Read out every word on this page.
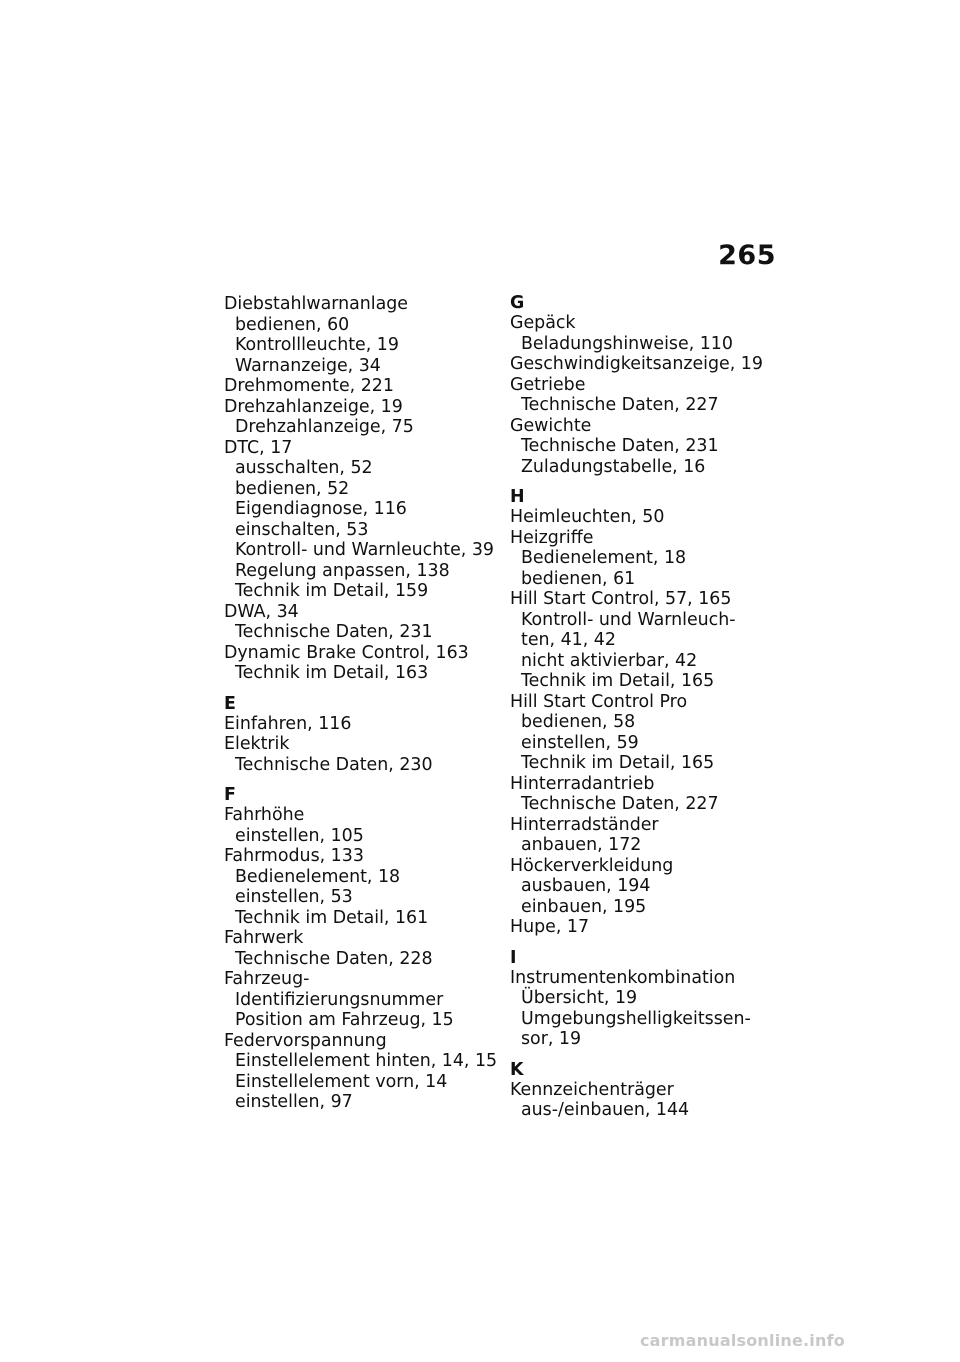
265
Diebstahlwarnanlage
bedienen, 60
Kontrollleuchte, 19
Warnanzeige, 34
Drehmomente, 221
Drehzahlanzeige, 19
Drehzahlanzeige, 75
DTC, 17
ausschalten, 52
bedienen, 52
Eigendiagnose, 116
einschalten, 53
Kontroll- und Warnleuchte, 39
Regelung anpassen, 138
Technik im Detail, 159
DWA, 34
Technische Daten, 231
Dynamic Brake Control, 163
Technik im Detail, 163
E
Einfahren, 116
Elektrik
Technische Daten, 230
F
Fahrhöhe
einstellen, 105
Fahrmodus, 133
Bedienelement, 18
einstellen, 53
Technik im Detail, 161
Fahrwerk
Technische Daten, 228
Fahrzeug-
Identifizierungsnummer
Position am Fahrzeug, 15
Federvorspannung
Einstellelement hinten, 14, 15
Einstellelement vorn, 14
einstellen, 97
G
Gepäck
Beladungshinweise, 110
Geschwindigkeitsanzeige, 19
Getriebe
Technische Daten, 227
Gewichte
Technische Daten, 231
Zuladungstabelle, 16
H
Heimleuchten, 50
Heizgriffe
Bedienelement, 18
bedienen, 61
Hill Start Control, 57, 165
Kontroll- und Warnleuch-
ten, 41, 42
nicht aktivierbar, 42
Technik im Detail, 165
Hill Start Control Pro
bedienen, 58
einstellen, 59
Technik im Detail, 165
Hinterradantrieb
Technische Daten, 227
Hinterradständer
anbauen, 172
Höckerverkleidung
ausbauen, 194
einbauen, 195
Hupe, 17
I
Instrumentenkombination
Übersicht, 19
Umgebungshelligkeitssen-
sor, 19
K
Kennzeichenträger
aus-/einbauen, 144
carmanualsonline.info
